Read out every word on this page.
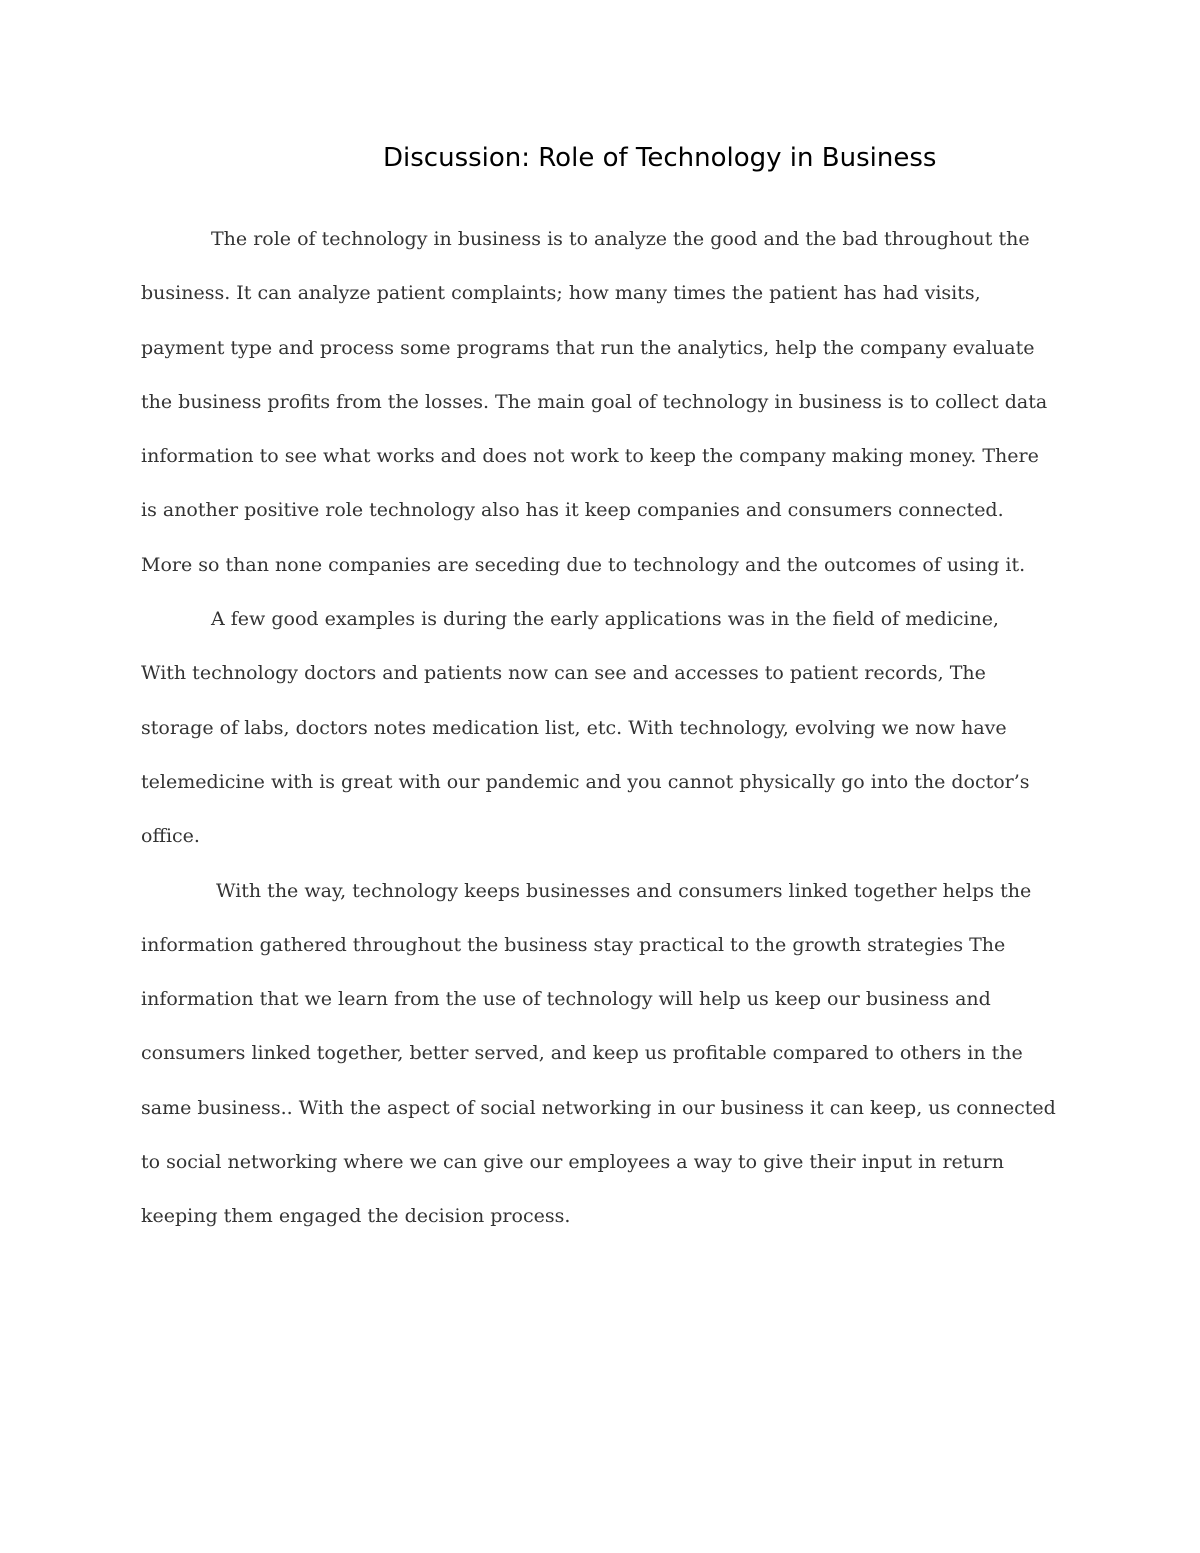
Discussion: Role of Technology in Business
The role of technology in business is to analyze the good and the bad throughout the
business. It can analyze patient complaints; how many times the patient has had visits,
payment type and process some programs that run the analytics, help the company evaluate
the business profits from the losses. The main goal of technology in business is to collect data
information to see what works and does not work to keep the company making money. There
is another positive role technology also has it keep companies and consumers connected.
More so than none companies are seceding due to technology and the outcomes of using it.
A few good examples is during the early applications was in the field of medicine,
With technology doctors and patients now can see and accesses to patient records, The
storage of labs, doctors notes medication list, etc. With technology, evolving we now have
telemedicine with is great with our pandemic and you cannot physically go into the doctor’s
office.
With the way, technology keeps businesses and consumers linked together helps the
information gathered throughout the business stay practical to the growth strategies The
information that we learn from the use of technology will help us keep our business and
consumers linked together, better served, and keep us profitable compared to others in the
same business.. With the aspect of social networking in our business it can keep, us connected
to social networking where we can give our employees a way to give their input in return
keeping them engaged the decision process.
